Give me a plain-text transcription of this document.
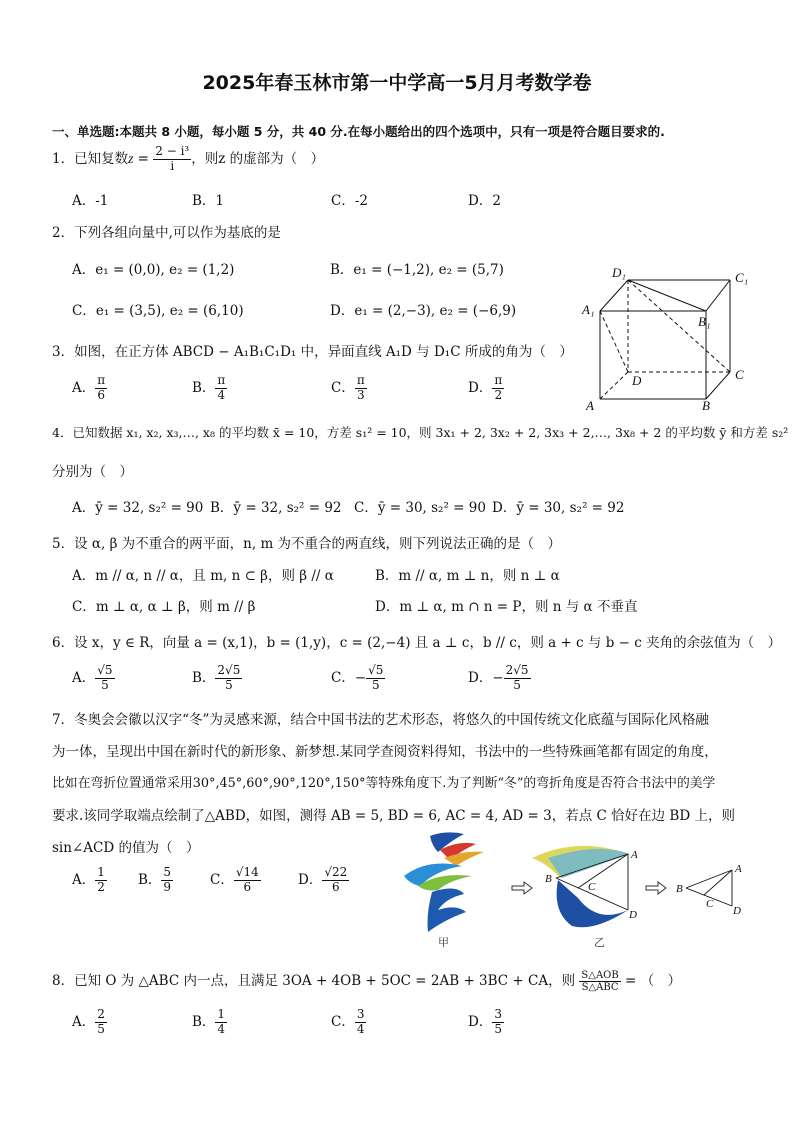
2025年春玉林市第一中学高一5月月考数学卷
一、单选题:本题共 8 小题，每小题 5 分，共 40 分.在每小题给出的四个选项中，只有一项是符合题目要求的.
1．已知复数$z = \frac{\text{2 − i³}}{i}$ ，则z 的虚部为（　）
A．-1	B．1	C．-2	D．2
2．下列各组向量中,可以作为基底的是
A．e₁ = (0,0), e₂ = (1,2)	B．e₁ = (−1,2), e₂ = (5,7)
C．e₁ = (3,5), e₂ = (6,10)	D．e₁ = (2,−3), e₂ = (−6,9)
D₁	C₁
A₁
B₁
D	C
A	B
3．如图，在正方体 ABCD − A₁B₁C₁D₁ 中，异面直线 A₁D 与 D₁C 所成的角为（　）
A． $\frac{\pi}{6}$	B． $\frac{\pi}{4}$	C． $\frac{\pi}{3}$	D． $\frac{\pi}{2}$
4．已知数据 x₁, x₂, x₃,…, x₈ 的平均数 x̄ = 10，方差 s₁² = 10，则 3x₁ + 2, 3x₂ + 2, 3x₃ + 2,…, 3x₈ + 2 的平均数 ȳ 和方差 s₂²
分别为（　）
A．ȳ = 32, s₂² = 90 B．ȳ = 32, s₂² = 92 C．ȳ = 30, s₂² = 90 D．ȳ = 30, s₂² = 92
5．设 α, β 为不重合的两平面，n, m 为不重合的两直线，则下列说法正确的是（　）
A．m // α, n // α，且 m, n ⊂ β，则 β // α	B．m // α, m ⊥ n，则 n ⊥ α
C．m ⊥ α, α ⊥ β，则 m // β	D．m ⊥ α, m ∩ n = P，则 n 与 α 不垂直
6．设 x，y ∈ R，向量 a = (x,1)，b = (1,y)，c = (2,−4) 且 a ⊥ c，b // c，则 a + c 与 b − c 夹角的余弦值为（　）
A． $\frac{√5}{5}$	B． $\frac{2√5}{5}$	C．− $\frac{√5}{5}$	D．− $\frac{2√5}{5}$
7．冬奥会会徽以汉字“冬”为灵感来源，结合中国书法的艺术形态，将悠久的中国传统文化底蕴与国际化风格融
为一体，呈现出中国在新时代的新形象、新梦想.某同学查阅资料得知，书法中的一些特殊画笔都有固定的角度，
比如在弯折位置通常采用30°,45°,60°,90°,120°,150°等特殊角度下.为了判断“冬”的弯折角度是否符合书法中的美学
要求.该同学取端点绘制了△ABD，如图，测得 AB = 5, BD = 6, AC = 4, AD = 3，若点 C 恰好在边 BD 上，则
sin∠ACD 的值为（　）
A． $\frac{1}{2}$ B． $\frac{5}{9}$	C． $\frac{√14}{6}$	D． $\frac{√22}{6}$
甲
B
A
C
D
乙
B
A
C
D
8．已知 O 为 △ABC 内一点，且满足 3OA + 4OB + 5OC = 2AB + 3BC + CA，则 S△AOB
S△ABC = （　）
A． $\frac{2}{5}$	B． $\frac{1}{4}$	C． $\frac{3}{4}$	D． $\frac{3}{5}$
